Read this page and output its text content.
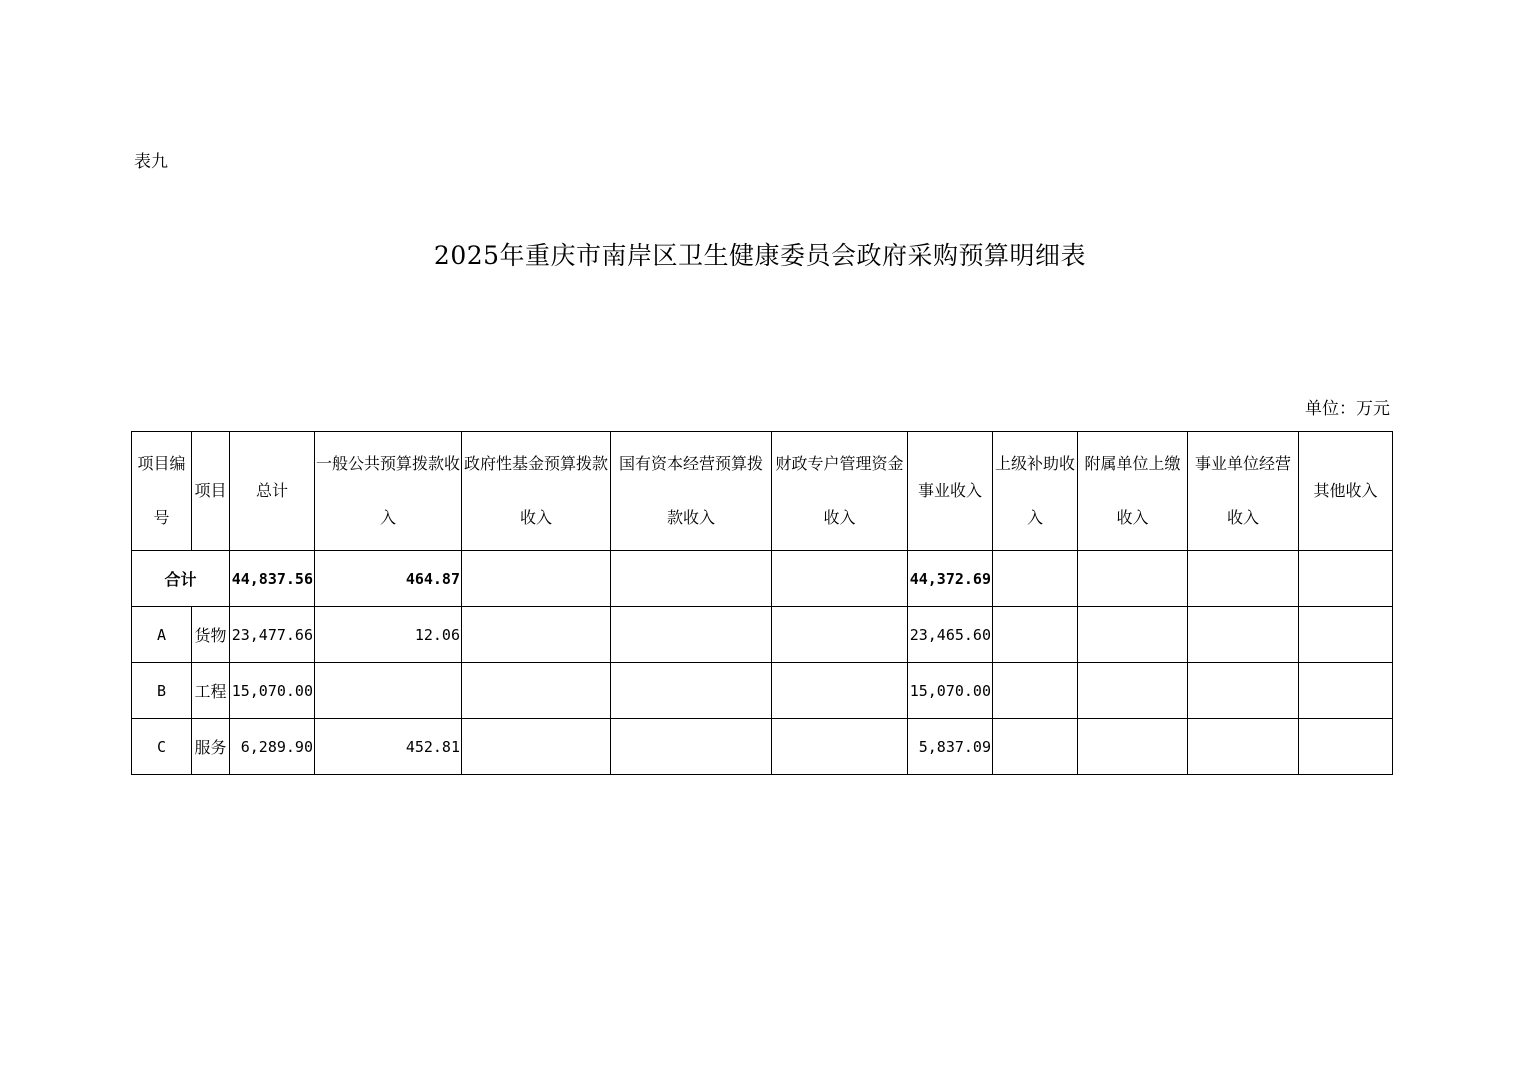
表九
2025年重庆市南岸区卫生健康委员会政府采购预算明细表
单位：万元
项目编号	项目	总计	一般公共预算拨款收入	政府性基金预算拨款收入	国有资本经营预算拨款收入	财政专户管理资金收入	事业收入	上级补助收入	附属单位上缴收入	事业单位经营收入	其他收入
合计		44,837.56	464.87				44,372.69				
A	货物	23,477.66	12.06				23,465.60				
B	工程	15,070.00					15,070.00				
C	服务	6,289.90	452.81				5,837.09				
